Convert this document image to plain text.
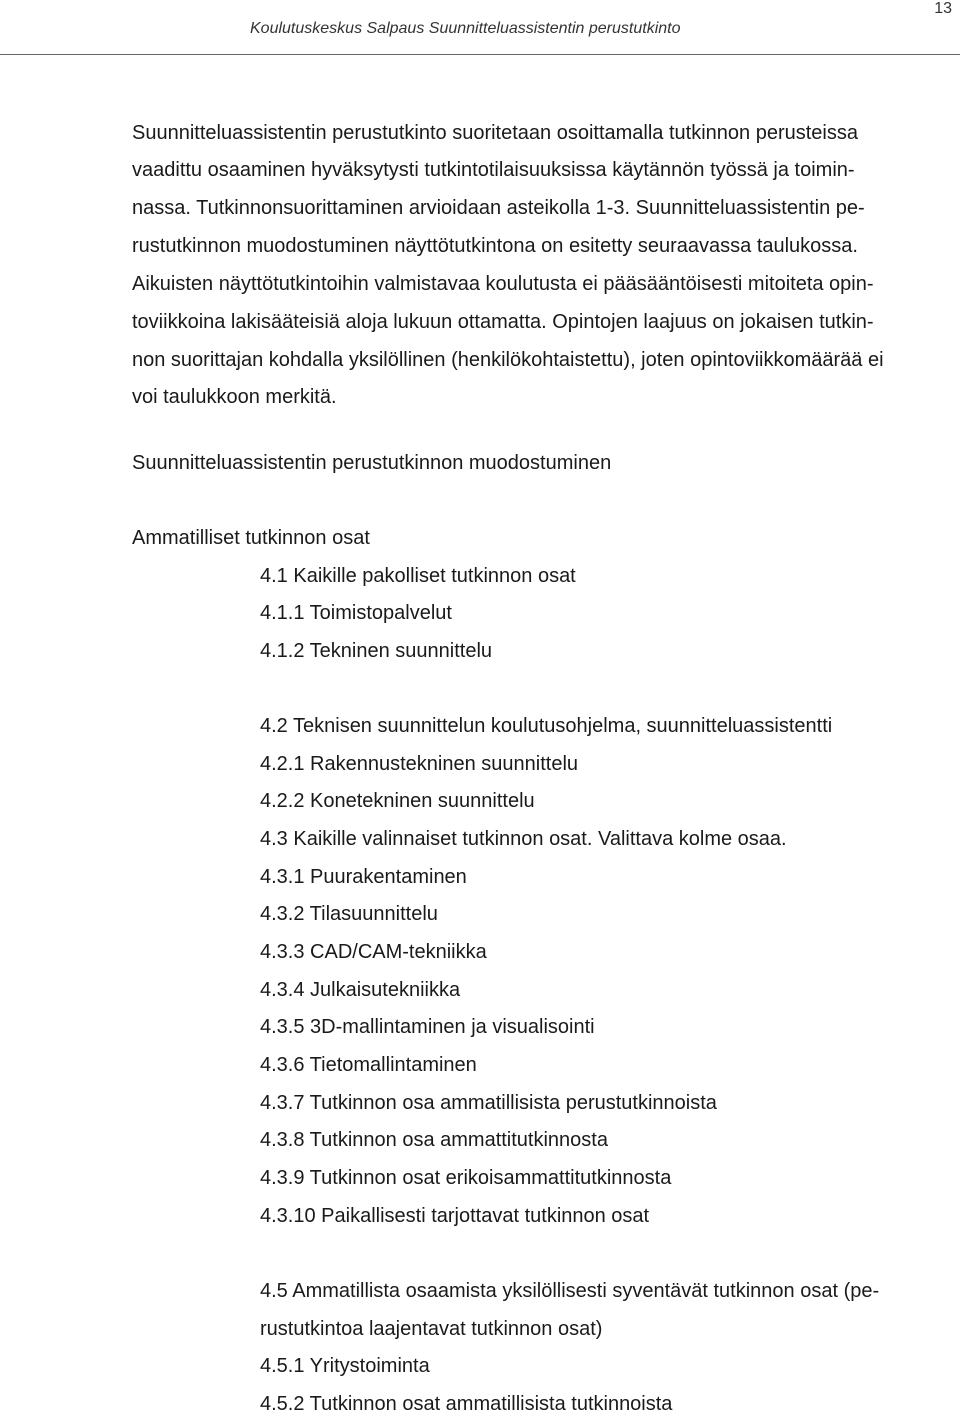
Koulutuskeskus Salpaus Suunnitteluassistentin perustutkinto
13
Suunnitteluassistentin perustutkinto suoritetaan osoittamalla tutkinnon perusteissa
vaadittu osaaminen hyväksytysti tutkintotilaisuuksissa käytännön työssä ja toimin-
nassa. Tutkinnonsuorittaminen arvioidaan asteikolla 1-3. Suunnitteluassistentin pe-
rustutkinnon muodostuminen näyttötutkintona on esitetty seuraavassa taulukossa.
Aikuisten näyttötutkintoihin valmistavaa koulutusta ei pääsääntöisesti mitoiteta opin-
toviikkoina lakisääteisiä aloja lukuun ottamatta. Opintojen laajuus on jokaisen tutkin-
non suorittajan kohdalla yksilöllinen (henkilökohtaistettu), joten opintoviikkomäärää ei
voi taulukkoon merkitä.
Suunnitteluassistentin perustutkinnon muodostuminen
Ammatilliset tutkinnon osat
4.1 Kaikille pakolliset tutkinnon osat
4.1.1 Toimistopalvelut
4.1.2 Tekninen suunnittelu
4.2 Teknisen suunnittelun koulutusohjelma, suunnitteluassistentti
4.2.1 Rakennustekninen suunnittelu
4.2.2 Konetekninen suunnittelu
4.3 Kaikille valinnaiset tutkinnon osat. Valittava kolme osaa.
4.3.1 Puurakentaminen
4.3.2 Tilasuunnittelu
4.3.3 CAD/CAM-tekniikka
4.3.4 Julkaisutekniikka
4.3.5 3D-mallintaminen ja visualisointi
4.3.6 Tietomallintaminen
4.3.7 Tutkinnon osa ammatillisista perustutkinnoista
4.3.8 Tutkinnon osa ammattitutkinnosta
4.3.9 Tutkinnon osat erikoisammattitutkinnosta
4.3.10 Paikallisesti tarjottavat tutkinnon osat
4.5 Ammatillista osaamista yksilöllisesti syventävät tutkinnon osat (pe-
rustutkintoa laajentavat tutkinnon osat)
4.5.1 Yritystoiminta
4.5.2 Tutkinnon osat ammatillisista tutkinnoista
